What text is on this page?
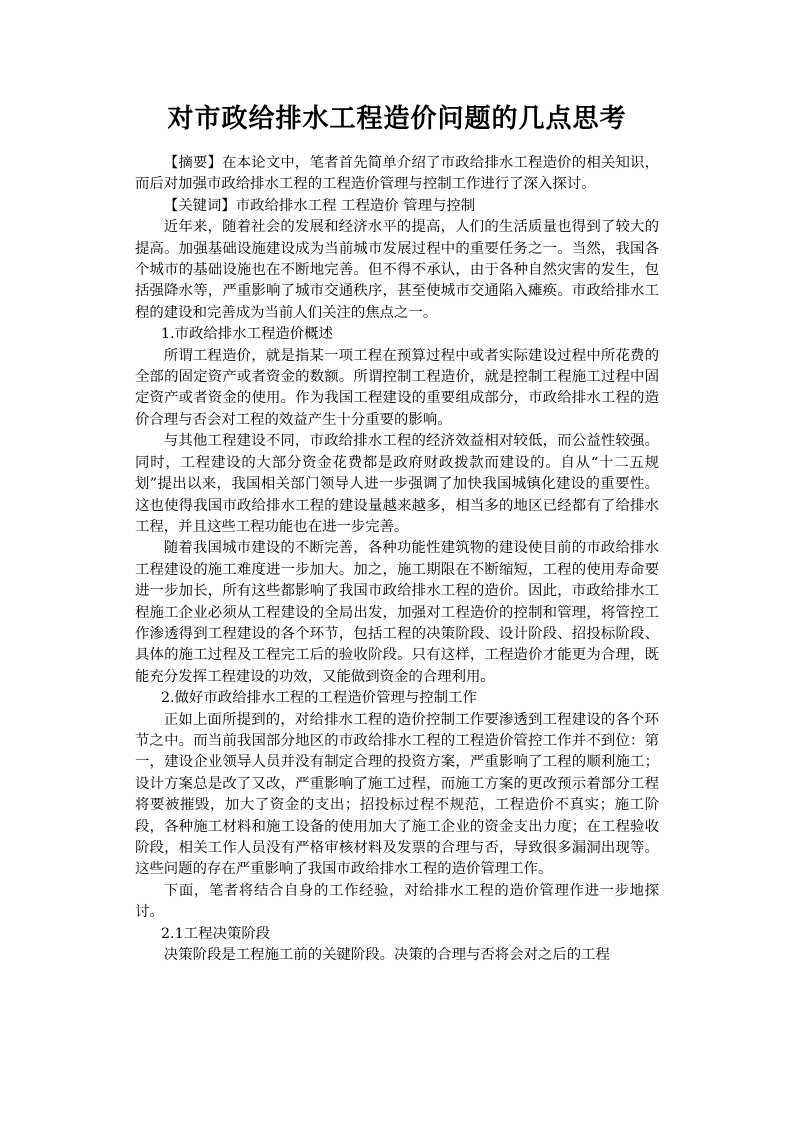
对市政给排水工程造价问题的几点思考

【摘要】在本论文中，笔者首先简单介绍了市政给排水工程造价的相关知识，而后对加强市政给排水工程的工程造价管理与控制工作进行了深入探讨。

【关键词】市政给排水工程 工程造价 管理与控制

近年来，随着社会的发展和经济水平的提高，人们的生活质量也得到了较大的提高。加强基础设施建设成为当前城市发展过程中的重要任务之一。当然，我国各个城市的基础设施也在不断地完善。但不得不承认，由于各种自然灾害的发生，包括强降水等，严重影响了城市交通秩序，甚至使城市交通陷入瘫痪。市政给排水工程的建设和完善成为当前人们关注的焦点之一。

1.市政给排水工程造价概述

所谓工程造价，就是指某一项工程在预算过程中或者实际建设过程中所花费的全部的固定资产或者资金的数额。所谓控制工程造价，就是控制工程施工过程中固定资产或者资金的使用。作为我国工程建设的重要组成部分，市政给排水工程的造价合理与否会对工程的效益产生十分重要的影响。

与其他工程建设不同，市政给排水工程的经济效益相对较低，而公益性较强。同时，工程建设的大部分资金花费都是政府财政拨款而建设的。自从“十二五规划”提出以来，我国相关部门领导人进一步强调了加快我国城镇化建设的重要性。这也使得我国市政给排水工程的建设量越来越多，相当多的地区已经都有了给排水工程，并且这些工程功能也在进一步完善。

随着我国城市建设的不断完善，各种功能性建筑物的建设使目前的市政给排水工程建设的施工难度进一步加大。加之，施工期限在不断缩短，工程的使用寿命要进一步加长，所有这些都影响了我国市政给排水工程的造价。因此，市政给排水工程施工企业必须从工程建设的全局出发，加强对工程造价的控制和管理，将管控工作渗透得到工程建设的各个环节，包括工程的决策阶段、设计阶段、招投标阶段、具体的施工过程及工程完工后的验收阶段。只有这样，工程造价才能更为合理，既能充分发挥工程建设的功效，又能做到资金的合理利用。

2.做好市政给排水工程的工程造价管理与控制工作

正如上面所提到的，对给排水工程的造价控制工作要渗透到工程建设的各个环节之中。而当前我国部分地区的市政给排水工程的工程造价管控工作并不到位：第一，建设企业领导人员并没有制定合理的投资方案，严重影响了工程的顺利施工；设计方案总是改了又改，严重影响了施工过程，而施工方案的更改预示着部分工程将要被摧毁，加大了资金的支出；招投标过程不规范，工程造价不真实；施工阶段，各种施工材料和施工设备的使用加大了施工企业的资金支出力度；在工程验收阶段，相关工作人员没有严格审核材料及发票的合理与否，导致很多漏洞出现等。这些问题的存在严重影响了我国市政给排水工程的造价管理工作。

下面，笔者将结合自身的工作经验，对给排水工程的造价管理作进一步地探讨。

2.1工程决策阶段

决策阶段是工程施工前的关键阶段。决策的合理与否将会对之后的工程
